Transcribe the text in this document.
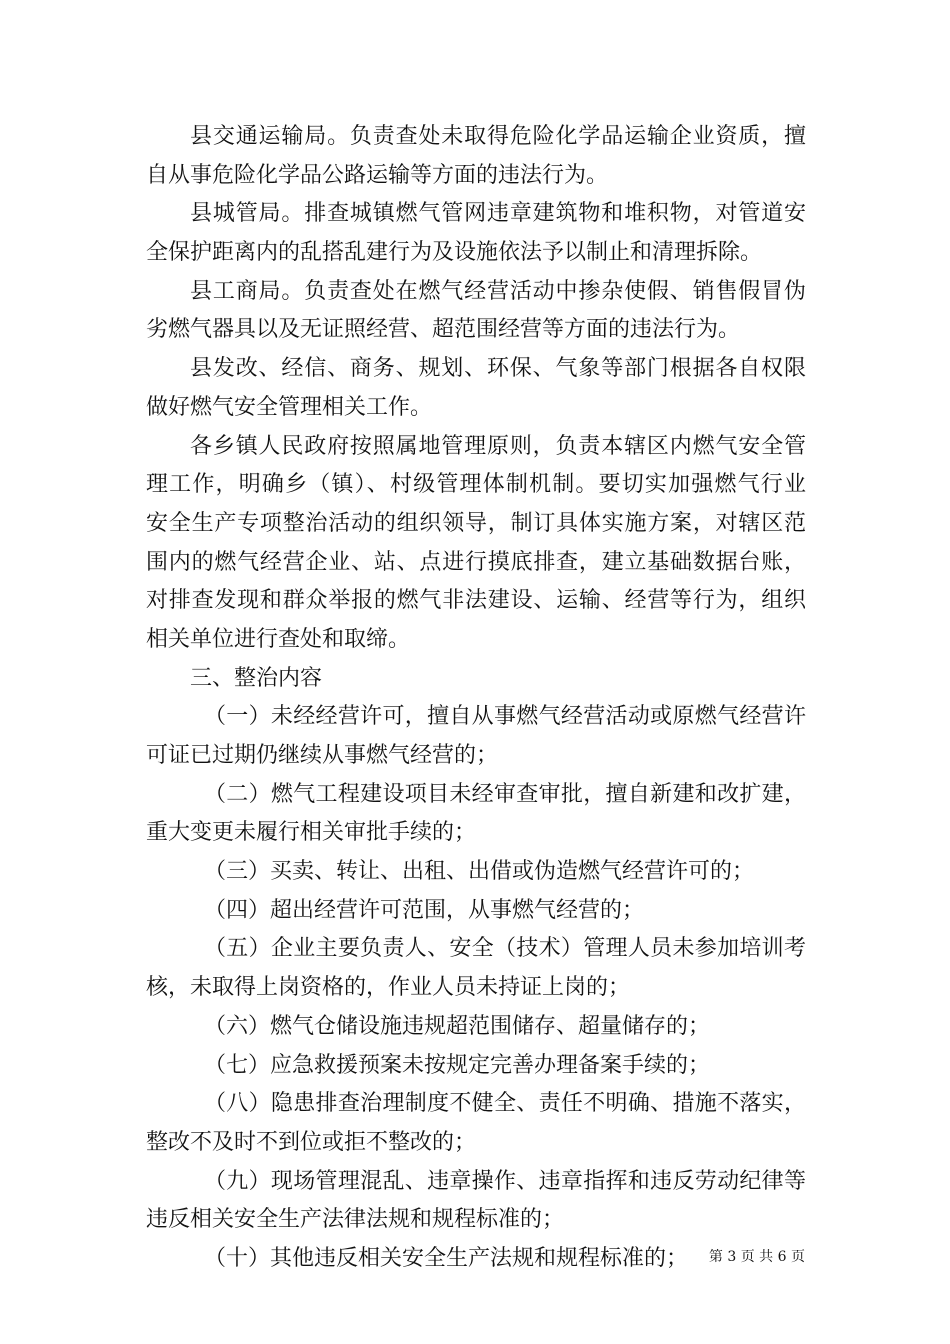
县交通运输局。负责查处未取得危险化学品运输企业资质，擅
自从事危险化学品公路运输等方面的违法行为。
县城管局。排查城镇燃气管网违章建筑物和堆积物，对管道安
全保护距离内的乱搭乱建行为及设施依法予以制止和清理拆除。
县工商局。负责查处在燃气经营活动中掺杂使假、销售假冒伪
劣燃气器具以及无证照经营、超范围经营等方面的违法行为。
县发改、经信、商务、规划、环保、气象等部门根据各自权限
做好燃气安全管理相关工作。
各乡镇人民政府按照属地管理原则，负责本辖区内燃气安全管
理工作，明确乡（镇）、村级管理体制机制。要切实加强燃气行业
安全生产专项整治活动的组织领导，制订具体实施方案，对辖区范
围内的燃气经营企业、站、点进行摸底排查，建立基础数据台账，
对排查发现和群众举报的燃气非法建设、运输、经营等行为，组织
相关单位进行查处和取缔。
三、整治内容
（一）未经经营许可，擅自从事燃气经营活动或原燃气经营许
可证已过期仍继续从事燃气经营的；
（二）燃气工程建设项目未经审查审批，擅自新建和改扩建，
重大变更未履行相关审批手续的；
（三）买卖、转让、出租、出借或伪造燃气经营许可的；
（四）超出经营许可范围，从事燃气经营的；
（五）企业主要负责人、安全（技术）管理人员未参加培训考
核，未取得上岗资格的，作业人员未持证上岗的；
（六）燃气仓储设施违规超范围储存、超量储存的；
（七）应急救援预案未按规定完善办理备案手续的；
（八）隐患排查治理制度不健全、责任不明确、措施不落实，
整改不及时不到位或拒不整改的；
（九）现场管理混乱、违章操作、违章指挥和违反劳动纪律等
违反相关安全生产法律法规和规程标准的；
（十）其他违反相关安全生产法规和规程标准的；	第 3 页 共 6 页
